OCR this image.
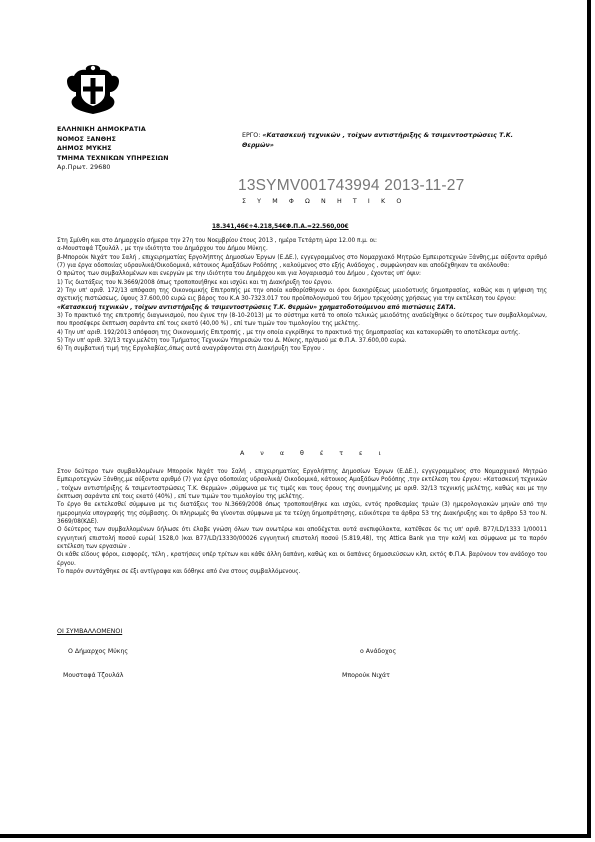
ΕΛΛΗΝΙΚΗ ΔΗΜΟΚΡΑΤΙΑ
ΝΟΜΟΣ ΞΑΝΘΗΣ
ΔΗΜΟΣ ΜΥΚΗΣ
ΤΜΗΜΑ ΤΕΧΝΙΚΩΝ ΥΠΗΡΕΣΙΩΝ
Αρ.Πρωτ. 29680
ΕΡΓΟ: «Κατασκευή τεχνικών , τοίχων αντιστήριξης & τσιμεντοστρώσεις Τ.Κ. Θερμών»
13SYMV001743994 2013-11-27
Σ Υ Μ Φ Ω Ν Η Τ Ι Κ Ο
18.341,46€+4.218,54€Φ.Π.Α.=22.560,00€

Στη Σμίνθη και στο Δημαρχείο σήμερα την 27η του Νοεμβρίου έτους 2013 , ημέρα Τετάρτη ώρα 12.00 π.μ. οι:

α-Μουσταφά Τζουλάλ , με την ιδιότητα του Δημάρχου του Δήμου Μύκης.

β-Μπορούκ Νιχάτ του Σαλή , επιχειρηματίας Εργολήπτης Δημοσίων Έργων (Ε.ΔΕ.), εγγεγραμμένος στο Νομαρχιακό Μητρώο Εμπειροτεχνών Ξάνθης,με αύξοντα αριθμό (7) για έργα οδοποιίας υδραυλικά/Οικοδομικά, κάτοικος Αμαξάδων Ροδόπης , καλούμενος στο εξής Ανάδοχος , συμφώνησαν και αποδέχθηκαν τα ακόλουθα:

Ο πρώτος των συμβαλλομένων και ενεργών με την ιδιότητα του Δημάρχου και για λογαριασμό του Δήμου , έχοντας υπ' όψιν:

1) Τις διατάξεις του Ν.3669/2008 όπως τροποποιήθηκε και ισχύει και τη Διακήρυξη του έργου.

2) Την υπ' αριθ. 172/13 απόφαση της Οικονομικής Επιτροπής με την οποία καθορίσθηκαν οι όροι διακηρύξεως μειοδοτικής δημοπρασίας, καθώς και η ψήφιση της σχετικής πιστώσεως, ύψους 37.600,00 ευρώ εις βάρος του Κ.Α 30-7323.017 του προϋπολογισμού του δήμου τρεχούσης χρήσεως για την εκτέλεση του έργου:

«Κατασκευή τεχνικών , τοίχων αντιστήριξης & τσιμεντοστρώσεις Τ.Κ. Θερμών» χρηματοδοτούμενου από πιστώσεις ΣΑΤΑ.

3) Το πρακτικό της επιτροπής διαγωνισμού, που έγινε την (8-10-2013) με το σύστημα κατά το οποίο τελικώς μειοδότης αναδείχθηκε ο δεύτερος των συμβαλλομένων, που προσέφερε έκπτωση σαράντα επί τοις εκατό (40,00 %) , επί των τιμών του τιμολογίου της μελέτης.

4) Την υπ' αριθ. 192/2013 απόφαση της Οικονομικής Επιτροπής , με την οποία εγκρίθηκε το πρακτικό της δημοπρασίας και κατακυρώθη το αποτέλεσμα αυτής.

5) Την υπ' αριθ. 32/13 τεχν.μελέτη του Τμήματος Τεχνικών Υπηρεσιών του Δ. Μύκης, πρ/σμού με Φ.Π.Α. 37.600,00 ευρώ.

6) Τη συμβατική τιμή της Εργολαβίας,όπως αυτά αναγράφονται στη Διακήρυξη του Έργου .

Α ν α θ έ τ ε ι

Στον δεύτερο των συμβαλλομένων Μπορούκ Νιχάτ του Σαλή , επιχειρηματίας Εργολήπτης Δημοσίων Έργων (Ε.ΔΕ.), εγγεγραμμένος στο Νομαρχιακό Μητρώο Εμπειροτεχνών Ξάνθης,με αύξοντα αριθμό (7) για έργα οδοποιίας υδραυλικά/ Οικοδομικά, κάτοικος Αμαξάδων Ροδόπης ,την εκτέλεση του έργου: «Κατασκευή τεχνικών , τοίχων αντιστήριξης & τσιμεντοστρώσεις Τ.Κ. Θερμών» ,σύμφωνα με τις τιμές και τους όρους της συνημμένης με αριθ. 32/13 τεχνικής μελέτης, καθώς και με την έκπτωση σαράντα επί τοις εκατό (40%) , επί των τιμών του τιμολογίου της μελέτης.

Το έργο θα εκτελεσθεί σύμφωνα με τις διατάξεις του Ν.3669/2008 όπως τροποποιήθηκε και ισχύει, εντός προθεσμίας τριών (3) ημερολογιακών μηνών από την ημερομηνία υπογραφής της σύμβασης. Οι πληρωμές θα γίνονται σύμφωνα με τα τεύχη δημοπράτησης, ειδικότερα τα άρθρα 53 της Διακήρυξης και το άρθρο 53 του Ν. 3669/08(ΚΔΕ).

Ο δεύτερος των συμβαλλομένων δήλωσε ότι έλαβε γνώση όλων των ανωτέρω και αποδέχεται αυτά ανεπιφύλακτα, κατέθεσε δε τις υπ' αριθ. B77/LD/1333 1/00011 εγγυητική επιστολή ποσού ευρώ( 1528,0 )και B77/LD/13330/00026 εγγυητική επιστολή ποσού (5.819,48), της Attica Bank για την καλή και σύμφωνα με τα παρόν εκτέλεση των εργασιών .

Οι κάθε είδους φόροι, εισφορές, τέλη , κρατήσεις υπέρ τρίτων και κάθε άλλη δαπάνη, καθώς και οι δαπάνες δημοσιεύσεων κλπ, εκτός Φ.Π.Α. βαρύνουν τον ανάδοχο του έργου.

Το παρόν συντάχθηκε σε έξι αντίγραφα και δόθηκε από ένα στους συμβαλλόμενους.

ΟΙ ΣΥΜΒΑΛΛΟΜΕΝΟΙ
Ο Δήμαρχος Μύκης
Μουσταφά Τζουλάλ
ο Ανάδοχος
Μπορούκ Νιχάτ
